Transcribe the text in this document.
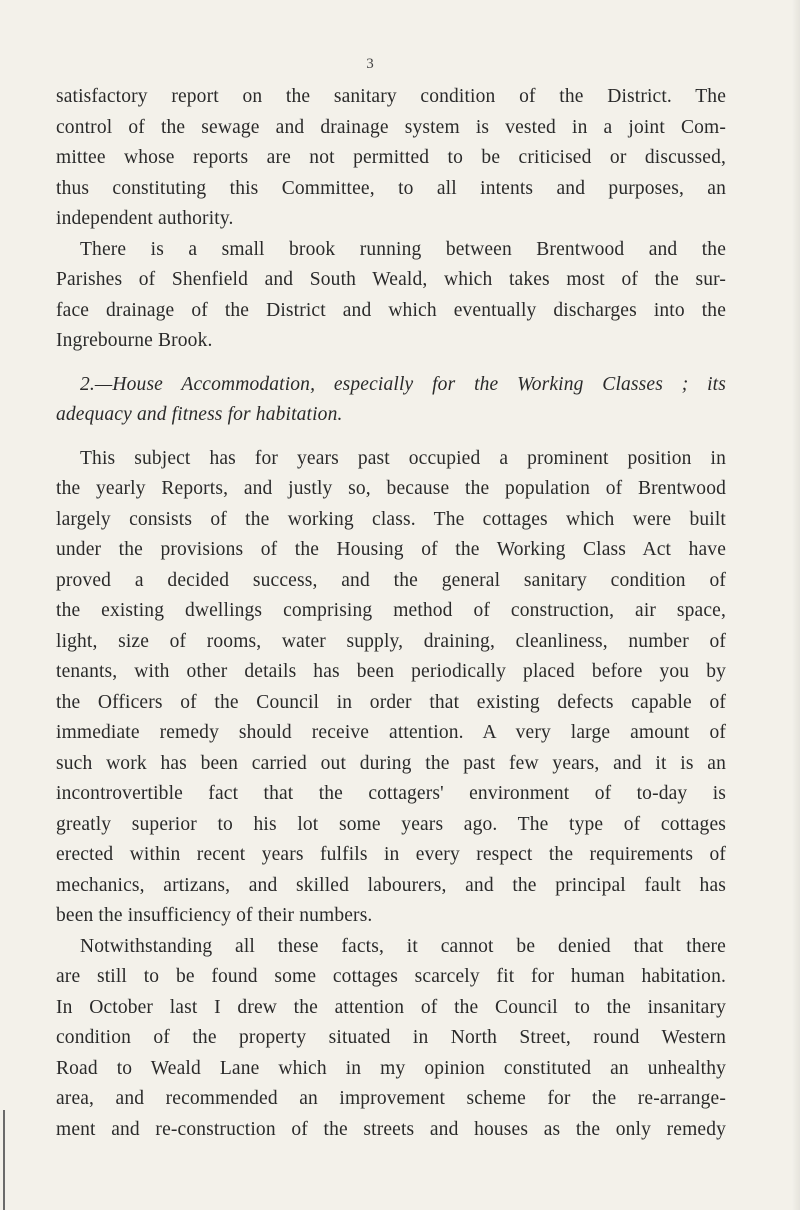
3
satisfactory report on the sanitary condition of the District. The
control of the sewage and drainage system is vested in a joint Com-
mittee whose reports are not permitted to be criticised or discussed,
thus constituting this Committee, to all intents and purposes, an
independent authority.
There is a small brook running between Brentwood and the
Parishes of Shenfield and South Weald, which takes most of the sur-
face drainage of the District and which eventually discharges into the
Ingrebourne Brook.
2.—House Accommodation, especially for the Working Classes ; its
adequacy and fitness for habitation.
This subject has for years past occupied a prominent position in
the yearly Reports, and justly so, because the population of Brentwood
largely consists of the working class. The cottages which were built
under the provisions of the Housing of the Working Class Act have
proved a decided success, and the general sanitary condition of
the existing dwellings comprising method of construction, air space,
light, size of rooms, water supply, draining, cleanliness, number of
tenants, with other details has been periodically placed before you by
the Officers of the Council in order that existing defects capable of
immediate remedy should receive attention. A very large amount of
such work has been carried out during the past few years, and it is an
incontrovertible fact that the cottagers' environment of to-day is
greatly superior to his lot some years ago. The type of cottages
erected within recent years fulfils in every respect the requirements of
mechanics, artizans, and skilled labourers, and the principal fault has
been the insufficiency of their numbers.
Notwithstanding all these facts, it cannot be denied that there
are still to be found some cottages scarcely fit for human habitation.
In October last I drew the attention of the Council to the insanitary
condition of the property situated in North Street, round Western
Road to Weald Lane which in my opinion constituted an unhealthy
area, and recommended an improvement scheme for the re-arrange-
ment and re-construction of the streets and houses as the only remedy
